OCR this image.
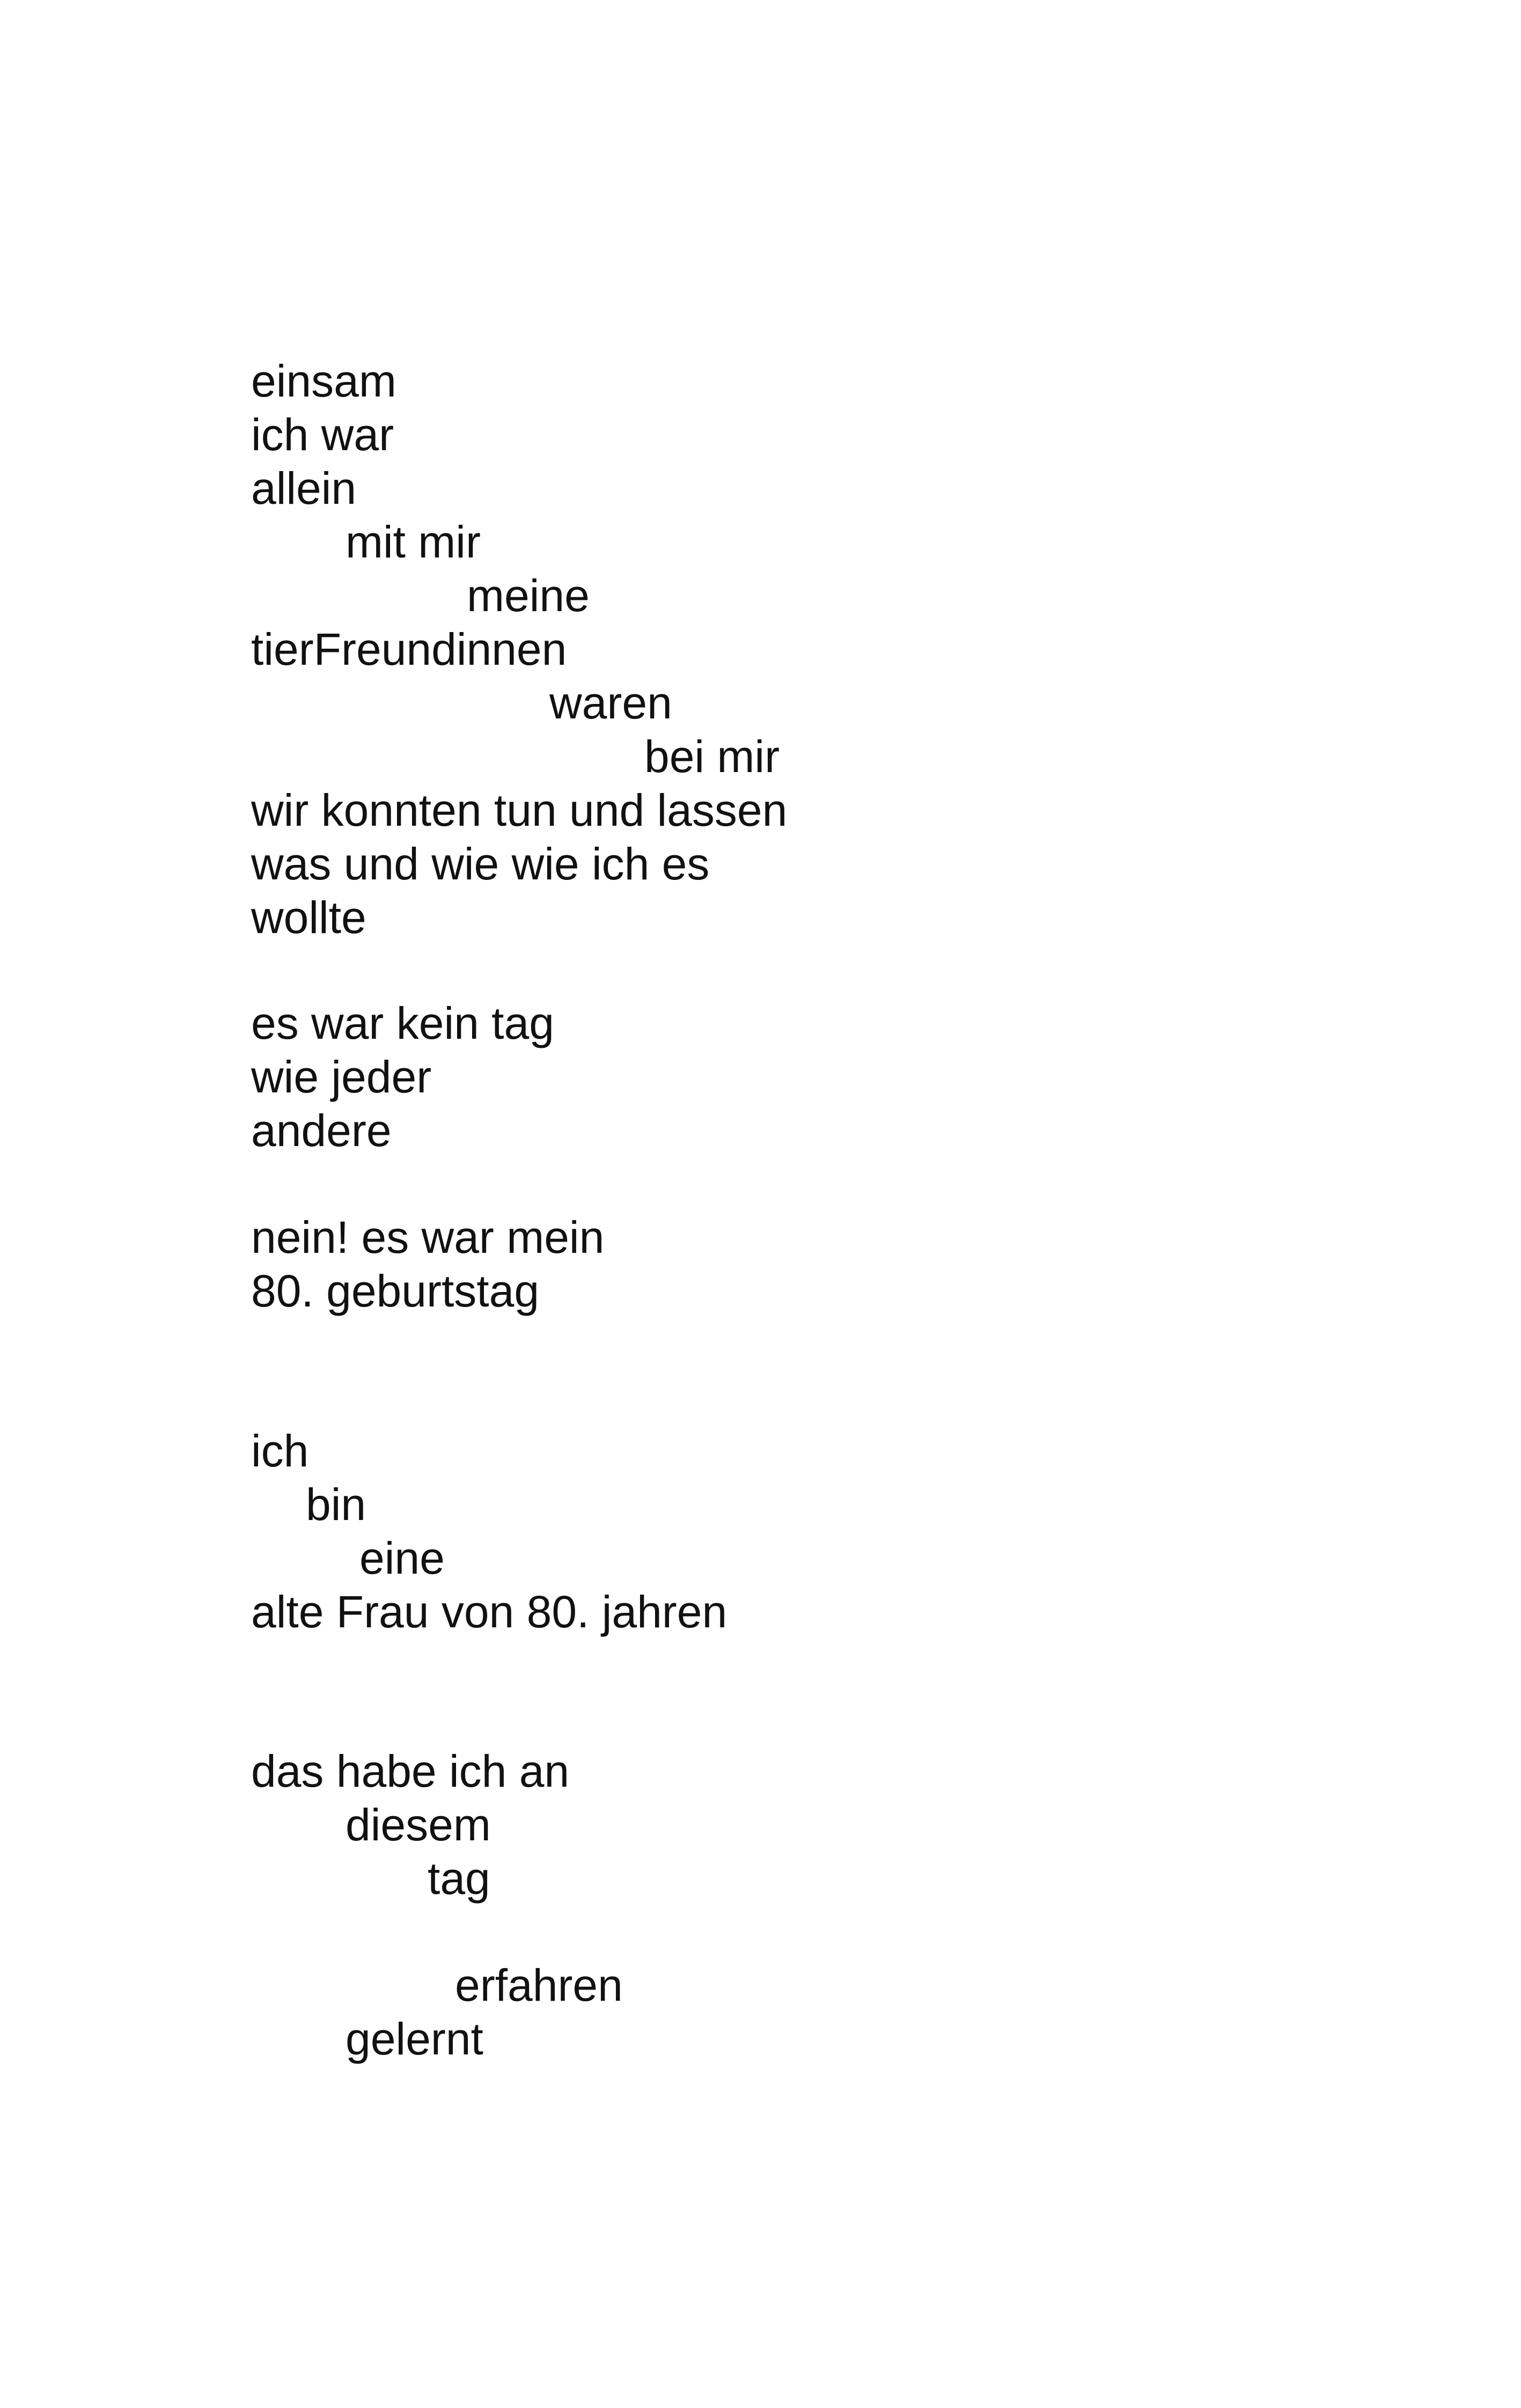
einsam
ich war
allein
mit mir
meine
tierFreundinnen
waren
bei mir
wir konnten tun und lassen
was und wie wie ich es
wollte
es war kein tag
wie jeder
andere
nein! es war mein
80. geburtstag
ich
bin
eine
alte Frau von 80. jahren
das habe ich an
diesem
tag
erfahren
gelernt
